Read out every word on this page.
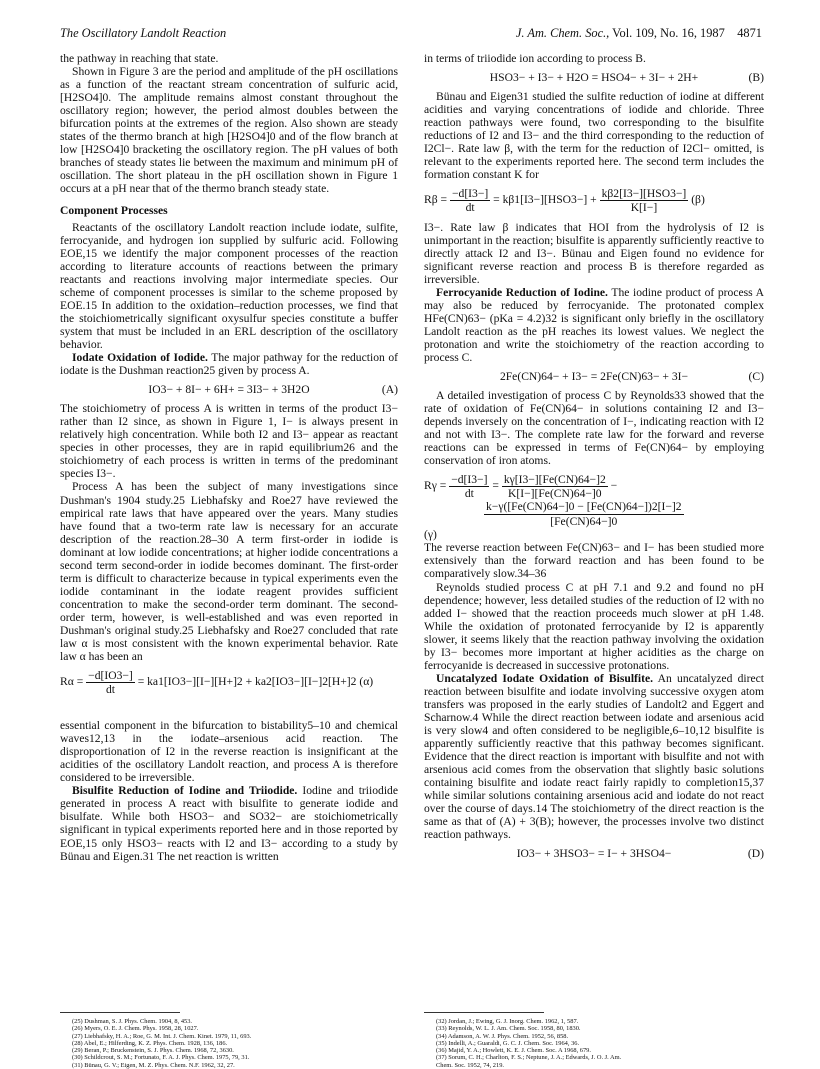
The Oscillatory Landolt Reaction	J. Am. Chem. Soc., Vol. 109, No. 16, 1987 4871

the pathway in reaching that state.

Shown in Figure 3 are the period and amplitude of the pH oscillations as a function of the reactant stream concentration of sulfuric acid, [H2SO4]0. The amplitude remains almost constant throughout the oscillatory region; however, the period almost doubles between the bifurcation points at the extremes of the region. Also shown are steady states of the thermo branch at high [H2SO4]0 and of the flow branch at low [H2SO4]0 bracketing the oscillatory region. The pH values of both branches of steady states lie between the maximum and minimum pH of oscillation. The short plateau in the pH oscillation shown in Figure 1 occurs at a pH near that of the thermo branch steady state.

Component Processes

Reactants of the oscillatory Landolt reaction include iodate, sulfite, ferrocyanide, and hydrogen ion supplied by sulfuric acid. Following EOE,15 we identify the major component processes of the reaction according to literature accounts of reactions between the primary reactants and reactions involving major intermediate species. Our scheme of component processes is similar to the scheme proposed by EOE.15 In addition to the oxidation–reduction processes, we find that the stoichiometrically significant oxysulfur species constitute a buffer system that must be included in an ERL description of the oscillatory behavior.

Iodate Oxidation of Iodide. The major pathway for the reduction of iodate is the Dushman reaction25 given by process A.

IO3− + 8I− + 6H+ = 3I3− + 3H2O	(A)

The stoichiometry of process A is written in terms of the product I3− rather than I2 since, as shown in Figure 1, I− is always present in relatively high concentration. While both I2 and I3− appear as reactant species in other processes, they are in rapid equilibrium26 and the stoichiometry of each process is written in terms of the predominant species I3−.

Process A has been the subject of many investigations since Dushman's 1904 study.25 Liebhafsky and Roe27 have reviewed the empirical rate laws that have appeared over the years. Many studies have found that a two-term rate law is necessary for an accurate description of the reaction.28–30 A term first-order in iodide is dominant at low iodide concentrations; at higher iodide concentrations a second term second-order in iodide becomes dominant. The first-order term is difficult to characterize because in typical experiments even the iodide contaminant in the iodate reagent provides sufficient concentration to make the second-order term dominant. The second-order term, however, is well-established and was even reported in Dushman's original study.25 Liebhafsky and Roe27 concluded that rate law α is most consistent with the known experimental behavior. Rate law α has been an

$R\alpha = \frac{-d[IO3-]}{dt} = ka1[IO3-][I-][H+]2 + ka2[IO3-][I-]2[H+]2$ (α)

essential component in the bifurcation to bistability5–10 and chemical waves12,13 in the iodate–arsenious acid reaction. The disproportionation of I2 in the reverse reaction is insignificant at the acidities of the oscillatory Landolt reaction, and process A is therefore considered to be irreversible.

Bisulfite Reduction of Iodine and Triiodide. Iodine and triiodide generated in process A react with bisulfite to generate iodide and bisulfate. While both HSO3− and SO32− are stoichiometrically significant in typical experiments reported here and in those reported by EOE,15 only HSO3− reacts with I2 and I3− according to a study by Bünau and Eigen.31 The net reaction is written

in terms of triiodide ion according to process B.

HSO3− + I3− + H2O = HSO4− + 3I− + 2H+	(B)

Bünau and Eigen31 studied the sulfite reduction of iodine at different acidities and varying concentrations of iodide and chloride. Three reaction pathways were found, two corresponding to the bisulfite reductions of I2 and I3− and the third corresponding to the reduction of I2Cl−. Rate law β, with the term for the reduction of I2Cl− omitted, is relevant to the experiments reported here. The second term includes the formation constant K for

$R\beta = \frac{-d[I3-]}{dt} = k\beta 1[I3-][HSO3-] + \frac{\text{kβ2[I3−][HSO3−]}}{K[I-]} (\beta)$

I3−. Rate law β indicates that HOI from the hydrolysis of I2 is unimportant in the reaction; bisulfite is apparently sufficiently reactive to directly attack I2 and I3−. Bünau and Eigen found no evidence for significant reverse reaction and process B is therefore regarded as irreversible.

Ferrocyanide Reduction of Iodine. The iodine product of process A may also be reduced by ferrocyanide. The protonated complex HFe(CN)63− (pKa = 4.2)32 is significant only briefly in the oscillatory Landolt reaction as the pH reaches its lowest values. We neglect the protonation and write the stoichiometry of the reaction according to process C.

2Fe(CN)64− + I3− = 2Fe(CN)63− + 3I−	(C)

A detailed investigation of process C by Reynolds33 showed that the rate of oxidation of Fe(CN)64− in solutions containing I2 and I3− depends inversely on the concentration of I−, indicating reaction with I2 and not with I3−. The complete rate law for the forward and reverse reactions can be expressed in terms of Fe(CN)64− by employing conservation of iron atoms.

$R\gamma = \frac{-d[I3-]}{dt} = \frac{k\gamma[I3-][Fe(CN)64-]2}{K[I-][Fe(CN)64-]0}$ −
$\frac{k-\gamma([Fe(CN)64-]0 - [Fe(CN)64-])2[I-]2}{[Fe(CN)64-]0}$
(γ)

The reverse reaction between Fe(CN)63− and I− has been studied more extensively than the forward reaction and has been found to be comparatively slow.34–36

Reynolds studied process C at pH 7.1 and 9.2 and found no pH dependence; however, less detailed studies of the reduction of I2 with no added I− showed that the reaction proceeds much slower at pH 1.48. While the oxidation of protonated ferrocyanide by I2 is apparently slower, it seems likely that the reaction pathway involving the oxidation by I3− becomes more important at higher acidities as the charge on ferrocyanide is decreased in successive protonations.

Uncatalyzed Iodate Oxidation of Bisulfite. An uncatalyzed direct reaction between bisulfite and iodate involving successive oxygen atom transfers was proposed in the early studies of Landolt2 and Eggert and Scharnow.4 While the direct reaction between iodate and arsenious acid is very slow4 and often considered to be negligible,6–10,12 bisulfite is apparently sufficiently reactive that this pathway becomes significant. Evidence that the direct reaction is important with bisulfite and not with arsenious acid comes from the observation that slightly basic solutions containing bisulfite and iodate react fairly rapidly to completion15,37 while similar solutions containing arsenious acid and iodate do not react over the course of days.14 The stoichiometry of the direct reaction is the same as that of (A) + 3(B); however, the processes involve two distinct reaction pathways.

IO3− + 3HSO3− = I− + 3HSO4−	(D)
(25) Dushman, S. J. Phys. Chem. 1904, 8, 453.
(26) Myers, O. E. J. Chem. Phys. 1958, 28, 1027.
(27) Liebhafsky, H. A.; Roe, G. M. Int. J. Chem. Kinet. 1979, 11, 693.
(28) Abel, E.; Hilferding, K. Z. Phys. Chem. 1928, 136, 186.
(29) Beran, P.; Bruckenstein, S. J. Phys. Chem. 1968, 72, 3630.
(30) Schildcrout, S. M.; Fortunato, F. A. J. Phys. Chem. 1975, 79, 31.
(31) Bünau, G. V.; Eigen, M. Z. Phys. Chem. N.F. 1962, 32, 27.
(32) Jordan, J.; Ewing, G. J. Inorg. Chem. 1962, 1, 587.
(33) Reynolds, W. L. J. Am. Chem. Soc. 1958, 80, 1830.
(34) Adamson, A. W. J. Phys. Chem. 1952, 56, 858.
(35) Indelli, A.; Guaraldi, G. C. J. Chem. Soc. 1964, 36.
(36) Majid, Y. A.; Howlett, K. E. J. Chem. Soc. A 1968, 679.
(37) Sorum, C. H.; Charlton, F. S.; Neptune, J. A.; Edwards, J. O. J. Am.
Chem. Soc. 1952, 74, 219.
